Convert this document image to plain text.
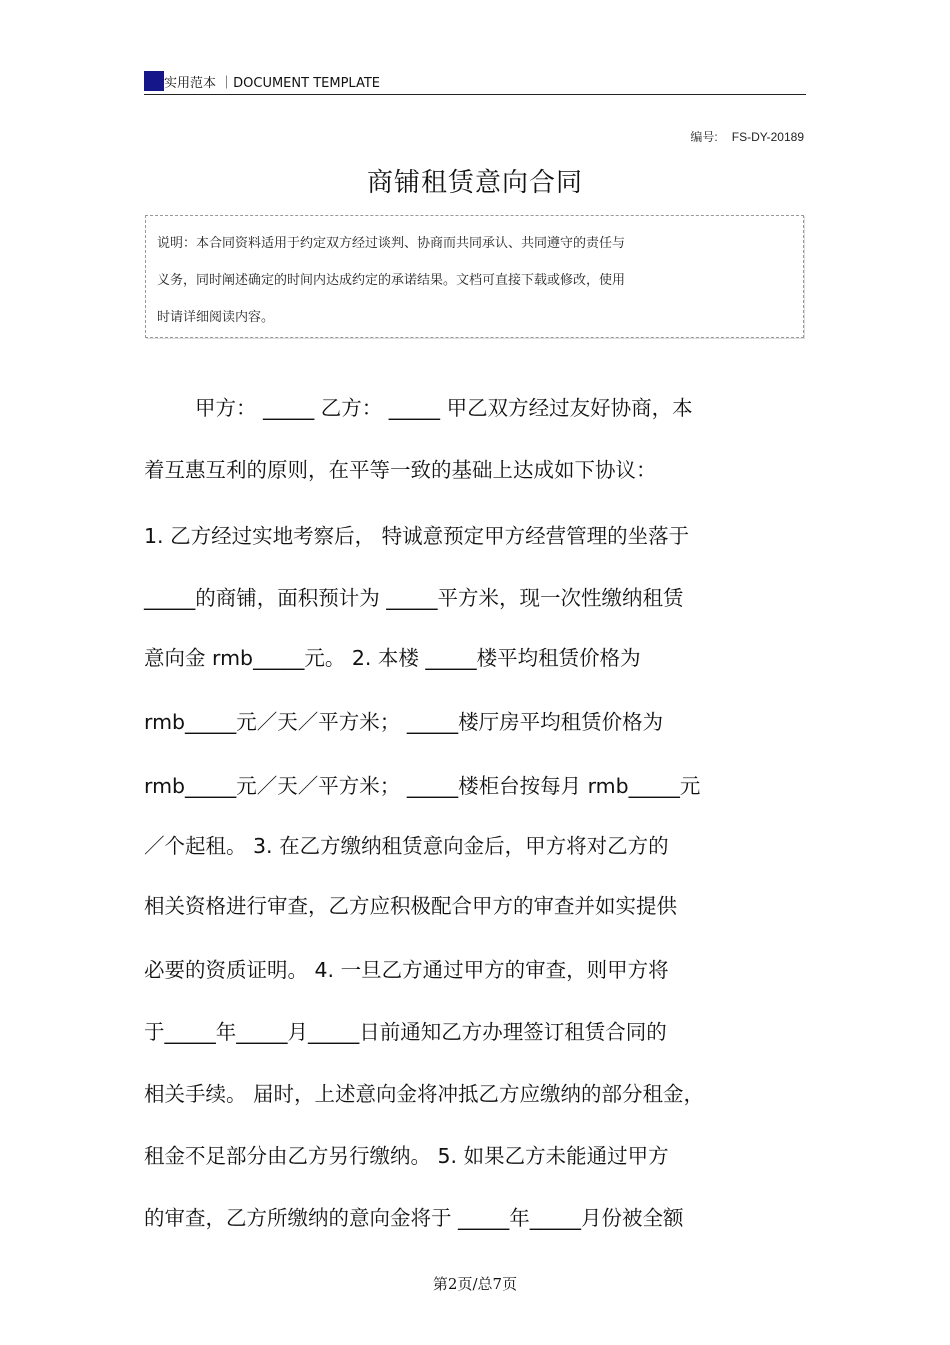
实用范本 ｜DOCUMENT TEMPLATE
编号: FS-DY-20189
商铺租赁意向合同
说明：本合同资料适用于约定双方经过谈判、协商而共同承认、共同遵守的责任与
义务，同时阐述确定的时间内达成约定的承诺结果。文档可直接下载或修改，使用
时请详细阅读内容。
甲方： _____ 乙方： _____ 甲乙双方经过友好协商，本
着互惠互利的原则，在平等一致的基础上达成如下协议：
1. 乙方经过实地考察后， 特诚意预定甲方经营管理的坐落于
_____的商铺，面积预计为 _____平方米，现一次性缴纳租赁
意向金 rmb_____元。 2. 本楼 _____楼平均租赁价格为
rmb_____元／天／平方米； _____楼厅房平均租赁价格为
rmb_____元／天／平方米； _____楼柜台按每月 rmb_____元
／个起租。 3. 在乙方缴纳租赁意向金后，甲方将对乙方的
相关资格进行审查，乙方应积极配合甲方的审查并如实提供
必要的资质证明。 4. 一旦乙方通过甲方的审查，则甲方将
于_____年_____月_____日前通知乙方办理签订租赁合同的
相关手续。 届时，上述意向金将冲抵乙方应缴纳的部分租金，
租金不足部分由乙方另行缴纳。 5. 如果乙方未能通过甲方
的审查，乙方所缴纳的意向金将于 _____年_____月份被全额
第2页/总7页
